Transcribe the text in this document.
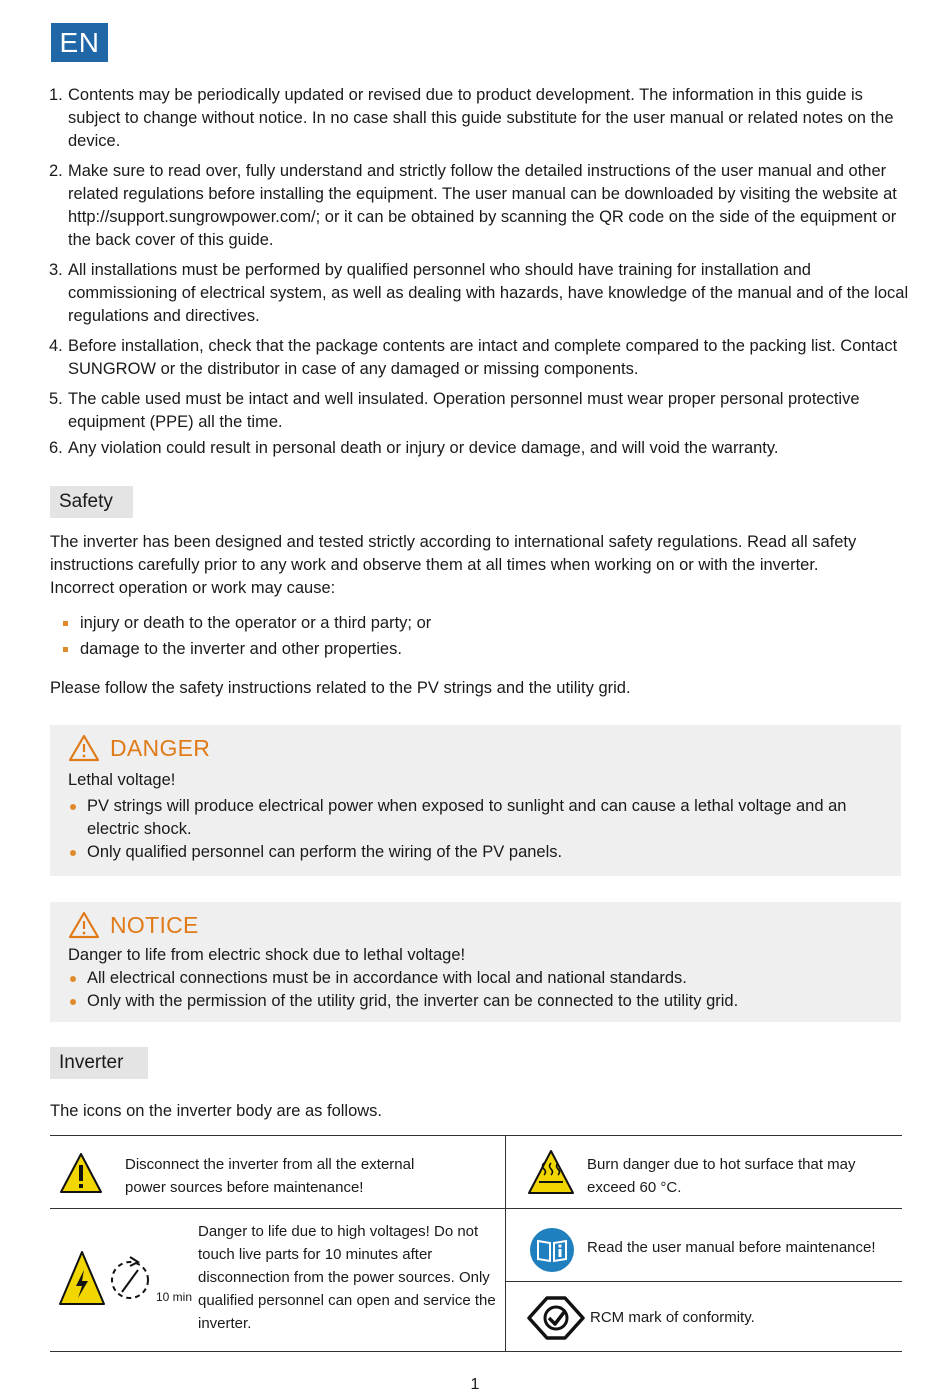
EN
1. Contents may be periodically updated or revised due to product development. The information in this guide is subject to change without notice. In no case shall this guide substitute for the user manual or related notes on the device.
2. Make sure to read over, fully understand and strictly follow the detailed instructions of the user manual and other related regulations before installing the equipment. The user manual can be downloaded by visiting the website at http://support.sungrowpower.com/; or it can be obtained by scanning the QR code on the side of the equipment or the back cover of this guide.
3. All installations must be performed by qualified personnel who should have training for installation and commissioning of electrical system, as well as dealing with hazards, have knowledge of the manual and of the local regulations and directives.
4. Before installation, check that the package contents are intact and complete compared to the packing list. Contact SUNGROW or the distributor in case of any damaged or missing components.
5. The cable used must be intact and well insulated. Operation personnel must wear proper personal protective equipment (PPE) all the time.
6. Any violation could result in personal death or injury or device damage, and will void the warranty.
Safety
The inverter has been designed and tested strictly according to international safety regulations. Read all safety instructions carefully prior to any work and observe them at all times when working on or with the inverter. Incorrect operation or work may cause:
injury or death to the operator or a third party; or
damage to the inverter and other properties.
Please follow the safety instructions related to the PV strings and the utility grid.
DANGER
Lethal voltage!
PV strings will produce electrical power when exposed to sunlight and can cause a lethal voltage and an electric shock.
Only qualified personnel can perform the wiring of the PV panels.
NOTICE
Danger to life from electric shock due to lethal voltage!
All electrical connections must be in accordance with local and national standards.
Only with the permission of the utility grid, the inverter can be connected to the utility grid.
Inverter
The icons on the inverter body are as follows.
Disconnect the inverter from all the external power sources before maintenance!
Burn danger due to hot surface that may exceed 60 °C.
10 min
Danger to life due to high voltages! Do not touch live parts for 10 minutes after disconnection from the power sources. Only qualified personnel can open and service the inverter.
Read the user manual before maintenance!
RCM mark of conformity.
1
